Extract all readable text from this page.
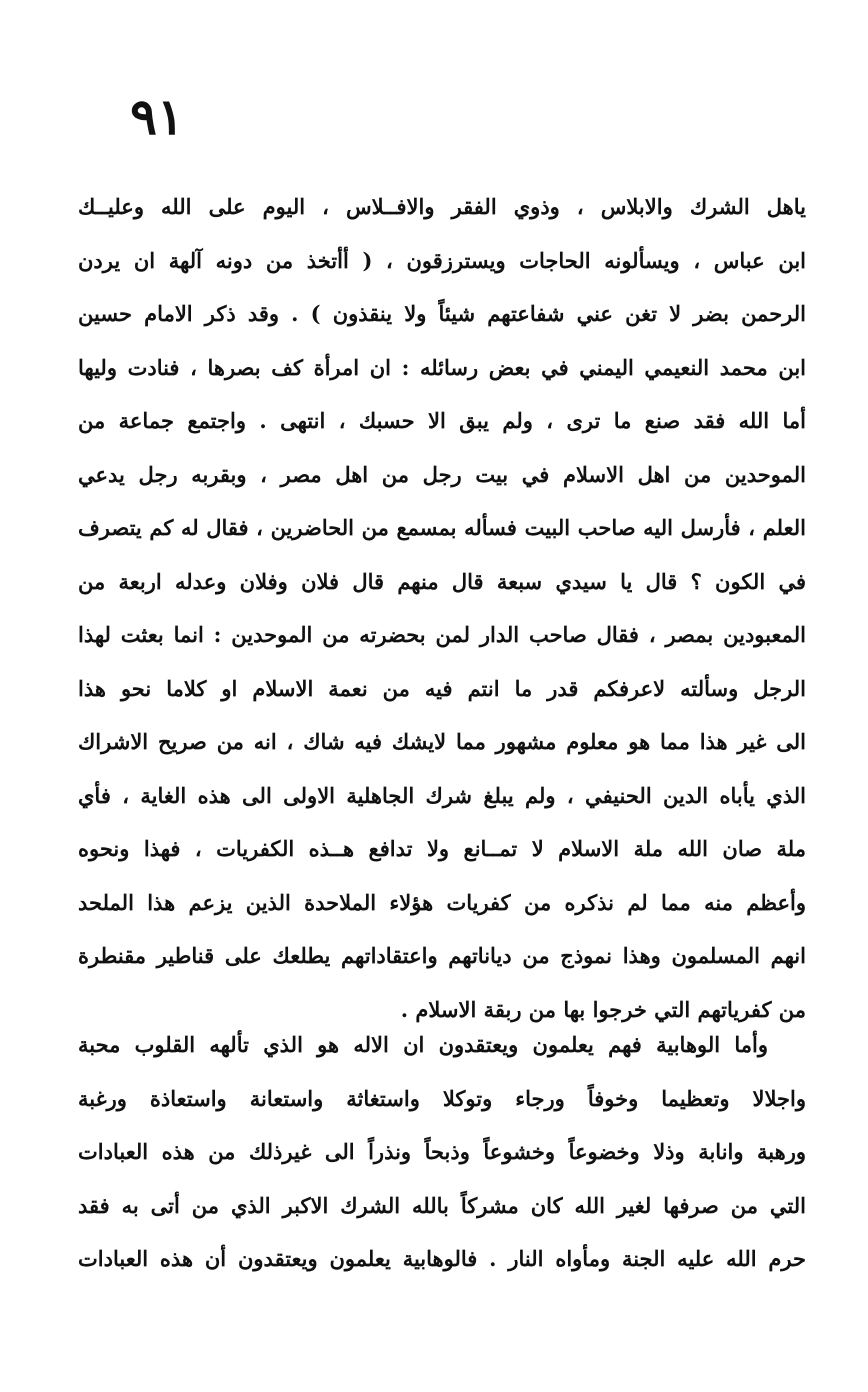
٩١
ياهل الشرك والابلاس ، وذوي الفقر والافــلاس ، اليوم على الله وعليــك
ابن عباس ، ويسألونه الحاجات ويسترزقون ، ( أأتخذ من دونه آلهة ان يردن
الرحمن بضر لا تغن عني شفاعتهم شيئاً ولا ينقذون ) . وقد ذكر الامام حسين
ابن محمد النعيمي اليمني في بعض رسائله : ان امرأة كف بصرها ، فنادت وليها
أما الله فقد صنع ما ترى ، ولم يبق الا حسبك ، انتهى . واجتمع جماعة من
الموحدين من اهل الاسلام في بيت رجل من اهل مصر ، وبقربه رجل يدعي
العلم ، فأرسل اليه صاحب البيت فسأله بمسمع من الحاضرين ، فقال له كم يتصرف
في الكون ؟ قال يا سيدي سبعة قال منهم قال فلان وفلان وعدله اربعة من
المعبودين بمصر ، فقال صاحب الدار لمن بحضرته من الموحدين : انما بعثت لهذا
الرجل وسألته لاعرفكم قدر ما انتم فيه من نعمة الاسلام او كلاما نحو هذا
الى غير هذا مما هو معلوم مشهور مما لايشك فيه شاك ، انه من صريح الاشراك
الذي يأباه الدين الحنيفي ، ولم يبلغ شرك الجاهلية الاولى الى هذه الغاية ، فأي
ملة صان الله ملة الاسلام لا تمــانع ولا تدافع هــذه الكفريات ، فهذا ونحوه
وأعظم منه مما لم نذكره من كفريات هؤلاء الملاحدة الذين يزعم هذا الملحد
انهم المسلمون وهذا نموذج من دياناتهم واعتقاداتهم يطلعك على قناطير مقنطرة
من كفرياتهم التي خرجوا بها من ربقة الاسلام .
وأما الوهابية فهم يعلمون ويعتقدون ان الاله هو الذي تألهه القلوب محبة
واجلالا وتعظيما وخوفاً ورجاء وتوكلا واستغاثة واستعانة واستعاذة ورغبة
ورهبة وانابة وذلا وخضوعاً وخشوعاً وذبحاً ونذراً الى غيرذلك من هذه العبادات
التي من صرفها لغير الله كان مشركاً بالله الشرك الاكبر الذي من أتى به فقد
حرم الله عليه الجنة ومأواه النار . فالوهابية يعلمون ويعتقدون أن هذه العبادات
